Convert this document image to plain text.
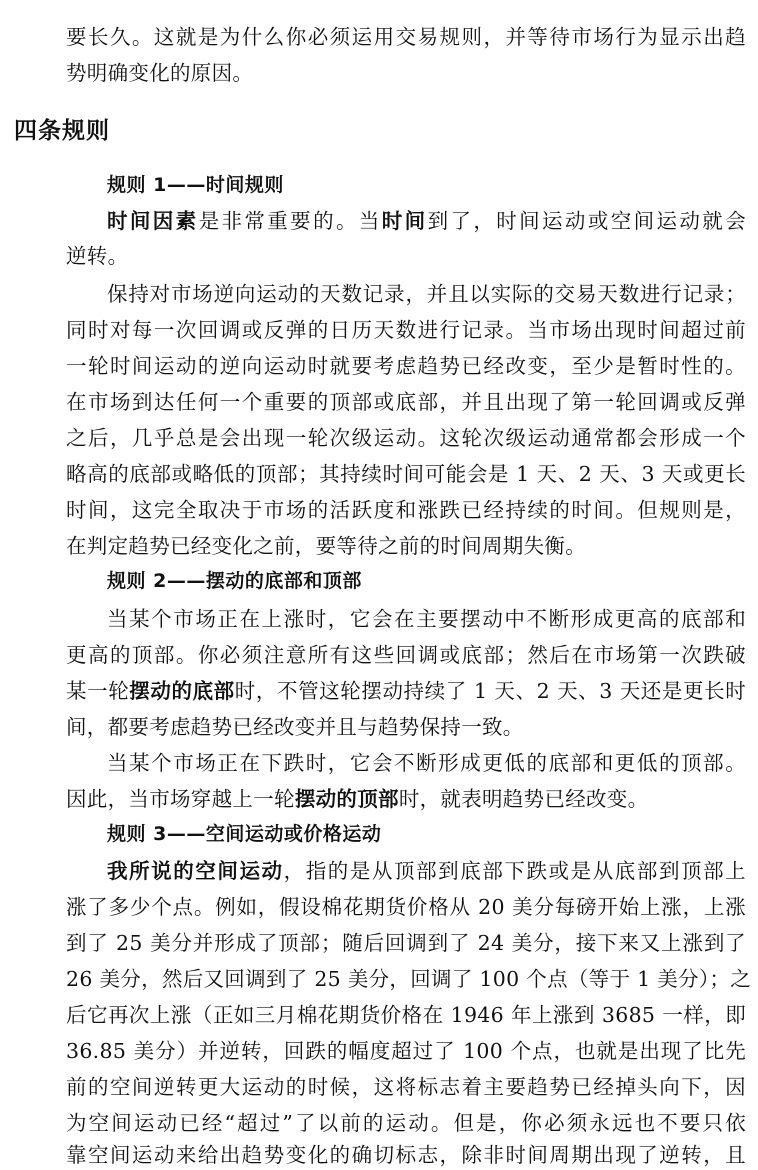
要长久。这就是为什么你必须运用交易规则，并等待市场行为显示出趋
势明确变化的原因。
四条规则
规则 1——时间规则
时间因素是非常重要的。当时间到了，时间运动或空间运动就会
逆转。
保持对市场逆向运动的天数记录，并且以实际的交易天数进行记录；
同时对每一次回调或反弹的日历天数进行记录。当市场出现时间超过前
一轮时间运动的逆向运动时就要考虑趋势已经改变，至少是暂时性的。
在市场到达任何一个重要的顶部或底部，并且出现了第一轮回调或反弹
之后，几乎总是会出现一轮次级运动。这轮次级运动通常都会形成一个
略高的底部或略低的顶部；其持续时间可能会是 1 天、2 天、3 天或更长
时间，这完全取决于市场的活跃度和涨跌已经持续的时间。但规则是，
在判定趋势已经变化之前，要等待之前的时间周期失衡。
规则 2——摆动的底部和顶部
当某个市场正在上涨时，它会在主要摆动中不断形成更高的底部和
更高的顶部。你必须注意所有这些回调或底部；然后在市场第一次跌破
某一轮摆动的底部时，不管这轮摆动持续了 1 天、2 天、3 天还是更长时
间，都要考虑趋势已经改变并且与趋势保持一致。
当某个市场正在下跌时，它会不断形成更低的底部和更低的顶部。
因此，当市场穿越上一轮摆动的顶部时，就表明趋势已经改变。
规则 3——空间运动或价格运动
我所说的空间运动，指的是从顶部到底部下跌或是从底部到顶部上
涨了多少个点。例如，假设棉花期货价格从 20 美分每磅开始上涨，上涨
到了 25 美分并形成了顶部；随后回调到了 24 美分，接下来又上涨到了
26 美分，然后又回调到了 25 美分，回调了 100 个点（等于 1 美分）；之
后它再次上涨（正如三月棉花期货价格在 1946 年上涨到 3685 一样，即
36.85 美分）并逆转，回跌的幅度超过了 100 个点，也就是出现了比先
前的空间逆转更大运动的时候，这将标志着主要趋势已经掉头向下，因
为空间运动已经“超过”了以前的运动。但是，你必须永远也不要只依
靠空间运动来给出趋势变化的确切标志，除非时间周期出现了逆转，且
